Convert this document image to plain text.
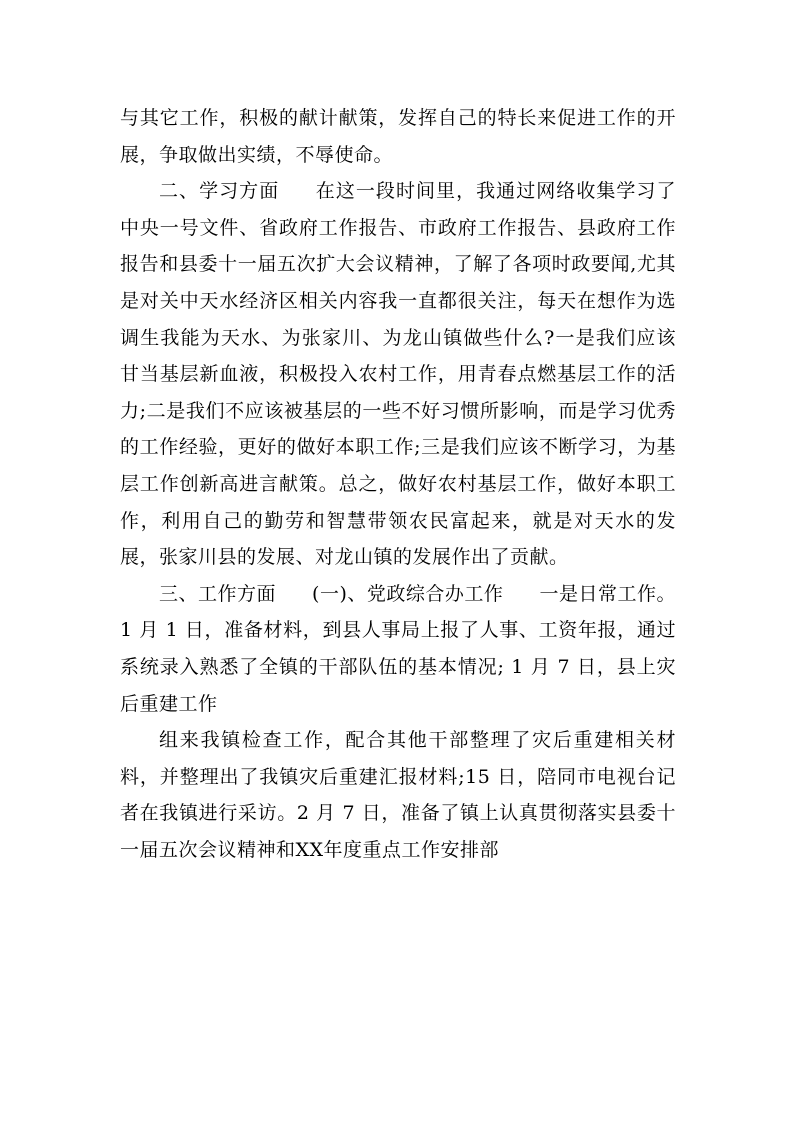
与其它工作，积极的献计献策，发挥自己的特长来促进工作的开展，争取做出实绩，不辱使命。

二、学习方面 在这一段时间里，我通过网络收集学习了中央一号文件、省政府工作报告、市政府工作报告、县政府工作报告和县委十一届五次扩大会议精神，了解了各项时政要闻,尤其是对关中天水经济区相关内容我一直都很关注，每天在想作为选调生我能为天水、为张家川、为龙山镇做些什么?一是我们应该甘当基层新血液，积极投入农村工作，用青春点燃基层工作的活力;二是我们不应该被基层的一些不好习惯所影响，而是学习优秀的工作经验，更好的做好本职工作;三是我们应该不断学习，为基层工作创新高进言献策。总之，做好农村基层工作，做好本职工作，利用自己的勤劳和智慧带领农民富起来，就是对天水的发展，张家川县的发展、对龙山镇的发展作出了贡献。

三、工作方面 (一)、党政综合办工作 一是日常工作。1 月 1 日，准备材料，到县人事局上报了人事、工资年报，通过系统录入熟悉了全镇的干部队伍的基本情况; 1 月 7 日，县上灾后重建工作

组来我镇检查工作，配合其他干部整理了灾后重建相关材料，并整理出了我镇灾后重建汇报材料;15 日，陪同市电视台记者在我镇进行采访。2 月 7 日，准备了镇上认真贯彻落实县委十一届五次会议精神和XX年度重点工作安排部
